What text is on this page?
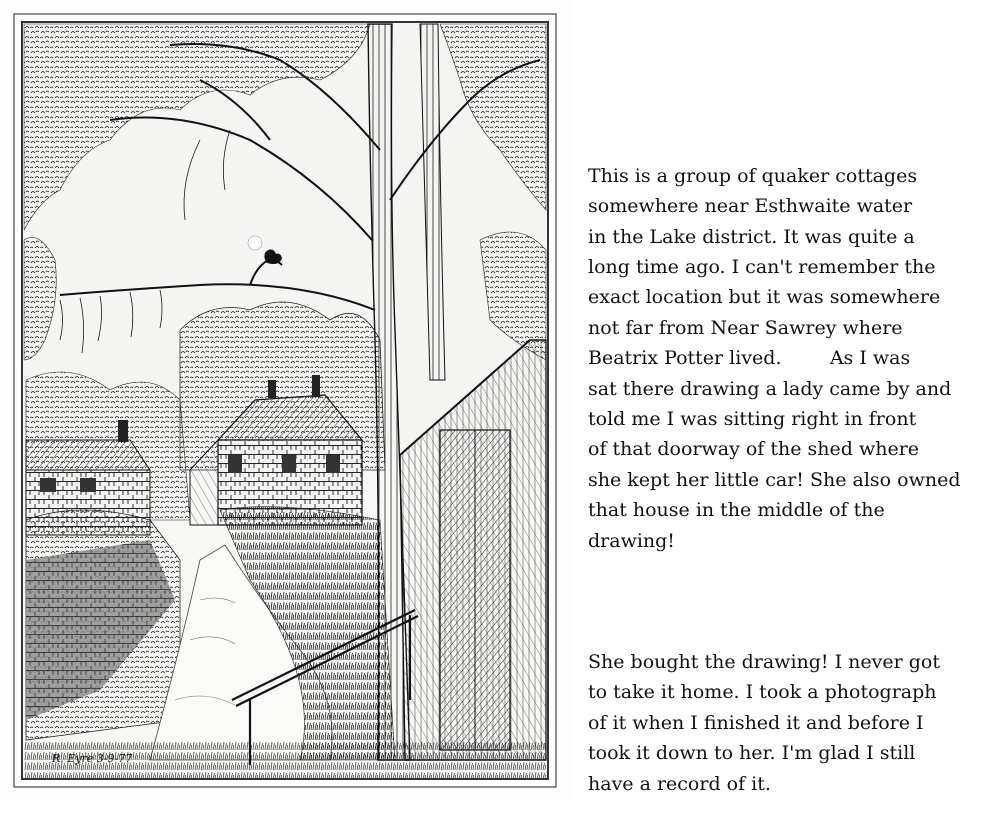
R. Eyre 3-9-77

This is a group of quaker cottages
somewhere near Esthwaite water
in the Lake district. It was quite a
long time ago. I can't remember the
exact location but it was somewhere
not far from Near Sawrey where
Beatrix Potter lived.        As I was
sat there drawing a lady came by and
told me I was sitting right in front
of that doorway of the shed where
she kept her little car! She also owned
that house in the middle of the
drawing!

She bought the drawing! I never got
to take it home. I took a photograph
of it when I finished it and before I
took it down to her. I'm glad I still
have a record of it.
